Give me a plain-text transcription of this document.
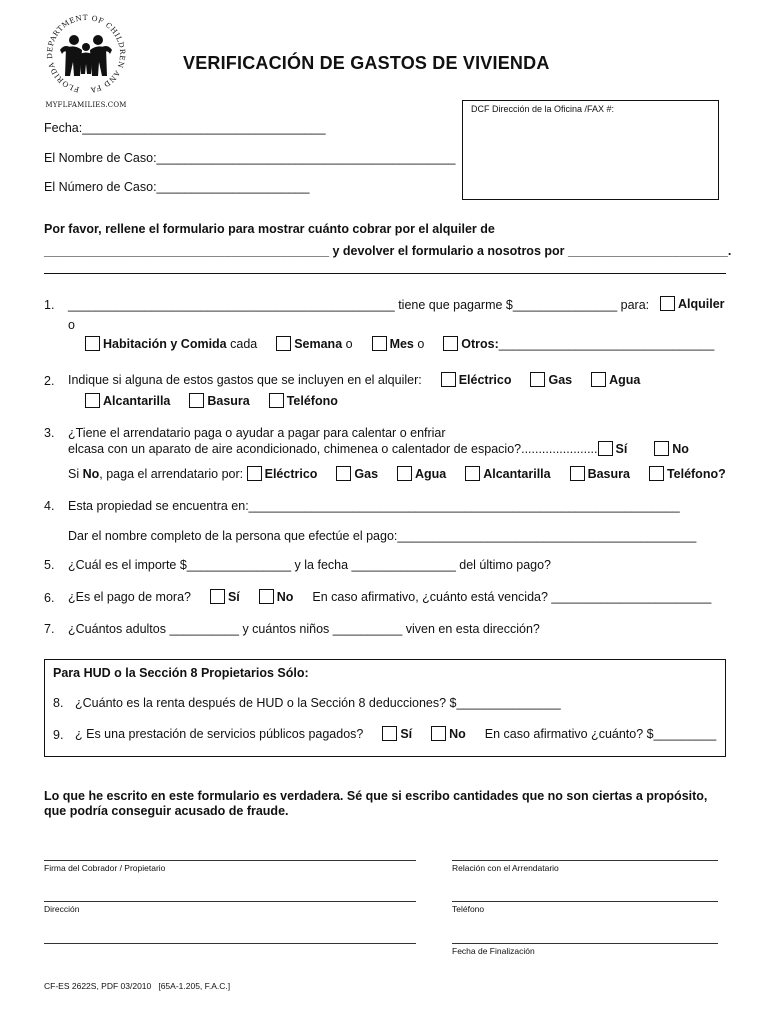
FLORIDA DEPARTMENT OF CHILDREN AND FA
MYFLFAMILIES.COM
VERIFICACIÓN DE GASTOS DE VIVIENDA
DCF Dirección de la Oficina /FAX #:
Fecha:___________________________________
El Nombre de Caso:___________________________________________
El Número de Caso:______________________
Por favor, rellene el formulario para mostrar cuánto cobrar por el alquiler de
_________________________________________ y devolver el formulario a nosotros por _______________________.
1. _______________________________________________ tiene que pagarme $_______________ para:	Alquiler
o
Habitación y Comida cada	Semana o	Mes o	Otros:_______________________________
2. Indique si alguna de estos gastos que se incluyen en el alquiler:	Eléctrico	Gas	Agua
Alcantarilla	Basura	Teléfono
3. ¿Tiene el arrendatario paga o ayudar a pagar para calentar o enfriar
elcasa con un aparato de aire acondicionado, chimenea o calentador de espacio?...................... Sí	No
Si No, paga el arrendatario por: Eléctrico	Gas	Agua	Alcantarilla	Basura	Teléfono?
4. Esta propiedad se encuentra en:______________________________________________________________
Dar el nombre completo de la persona que efectúe el pago:___________________________________________
5. ¿Cuál es el importe $_______________ y la fecha _______________ del último pago?
6. ¿Es el pago de mora?	Sí	No En caso afirmativo, ¿cuánto está vencida? _______________________
7. ¿Cuántos adultos __________ y cuántos niños __________ viven en esta dirección?
Para HUD o la Sección 8 Propietarios Sólo:
8. ¿Cuánto es la renta después de HUD o la Sección 8 deducciones? $_______________
9. ¿ Es una prestación de servicios públicos pagados?	Sí	No En caso afirmativo ¿cuánto? $_________
Lo que he escrito en este formulario es verdadera. Sé que si escribo cantidades que no son ciertas a propósito,
que podría conseguir acusado de fraude.
Firma del Cobrador / Propietario	Relación con el Arrendatario
Dirección	Teléfono
Fecha de Finalización
CF-ES 2622S, PDF 03/2010   [65A-1.205, F.A.C.]
